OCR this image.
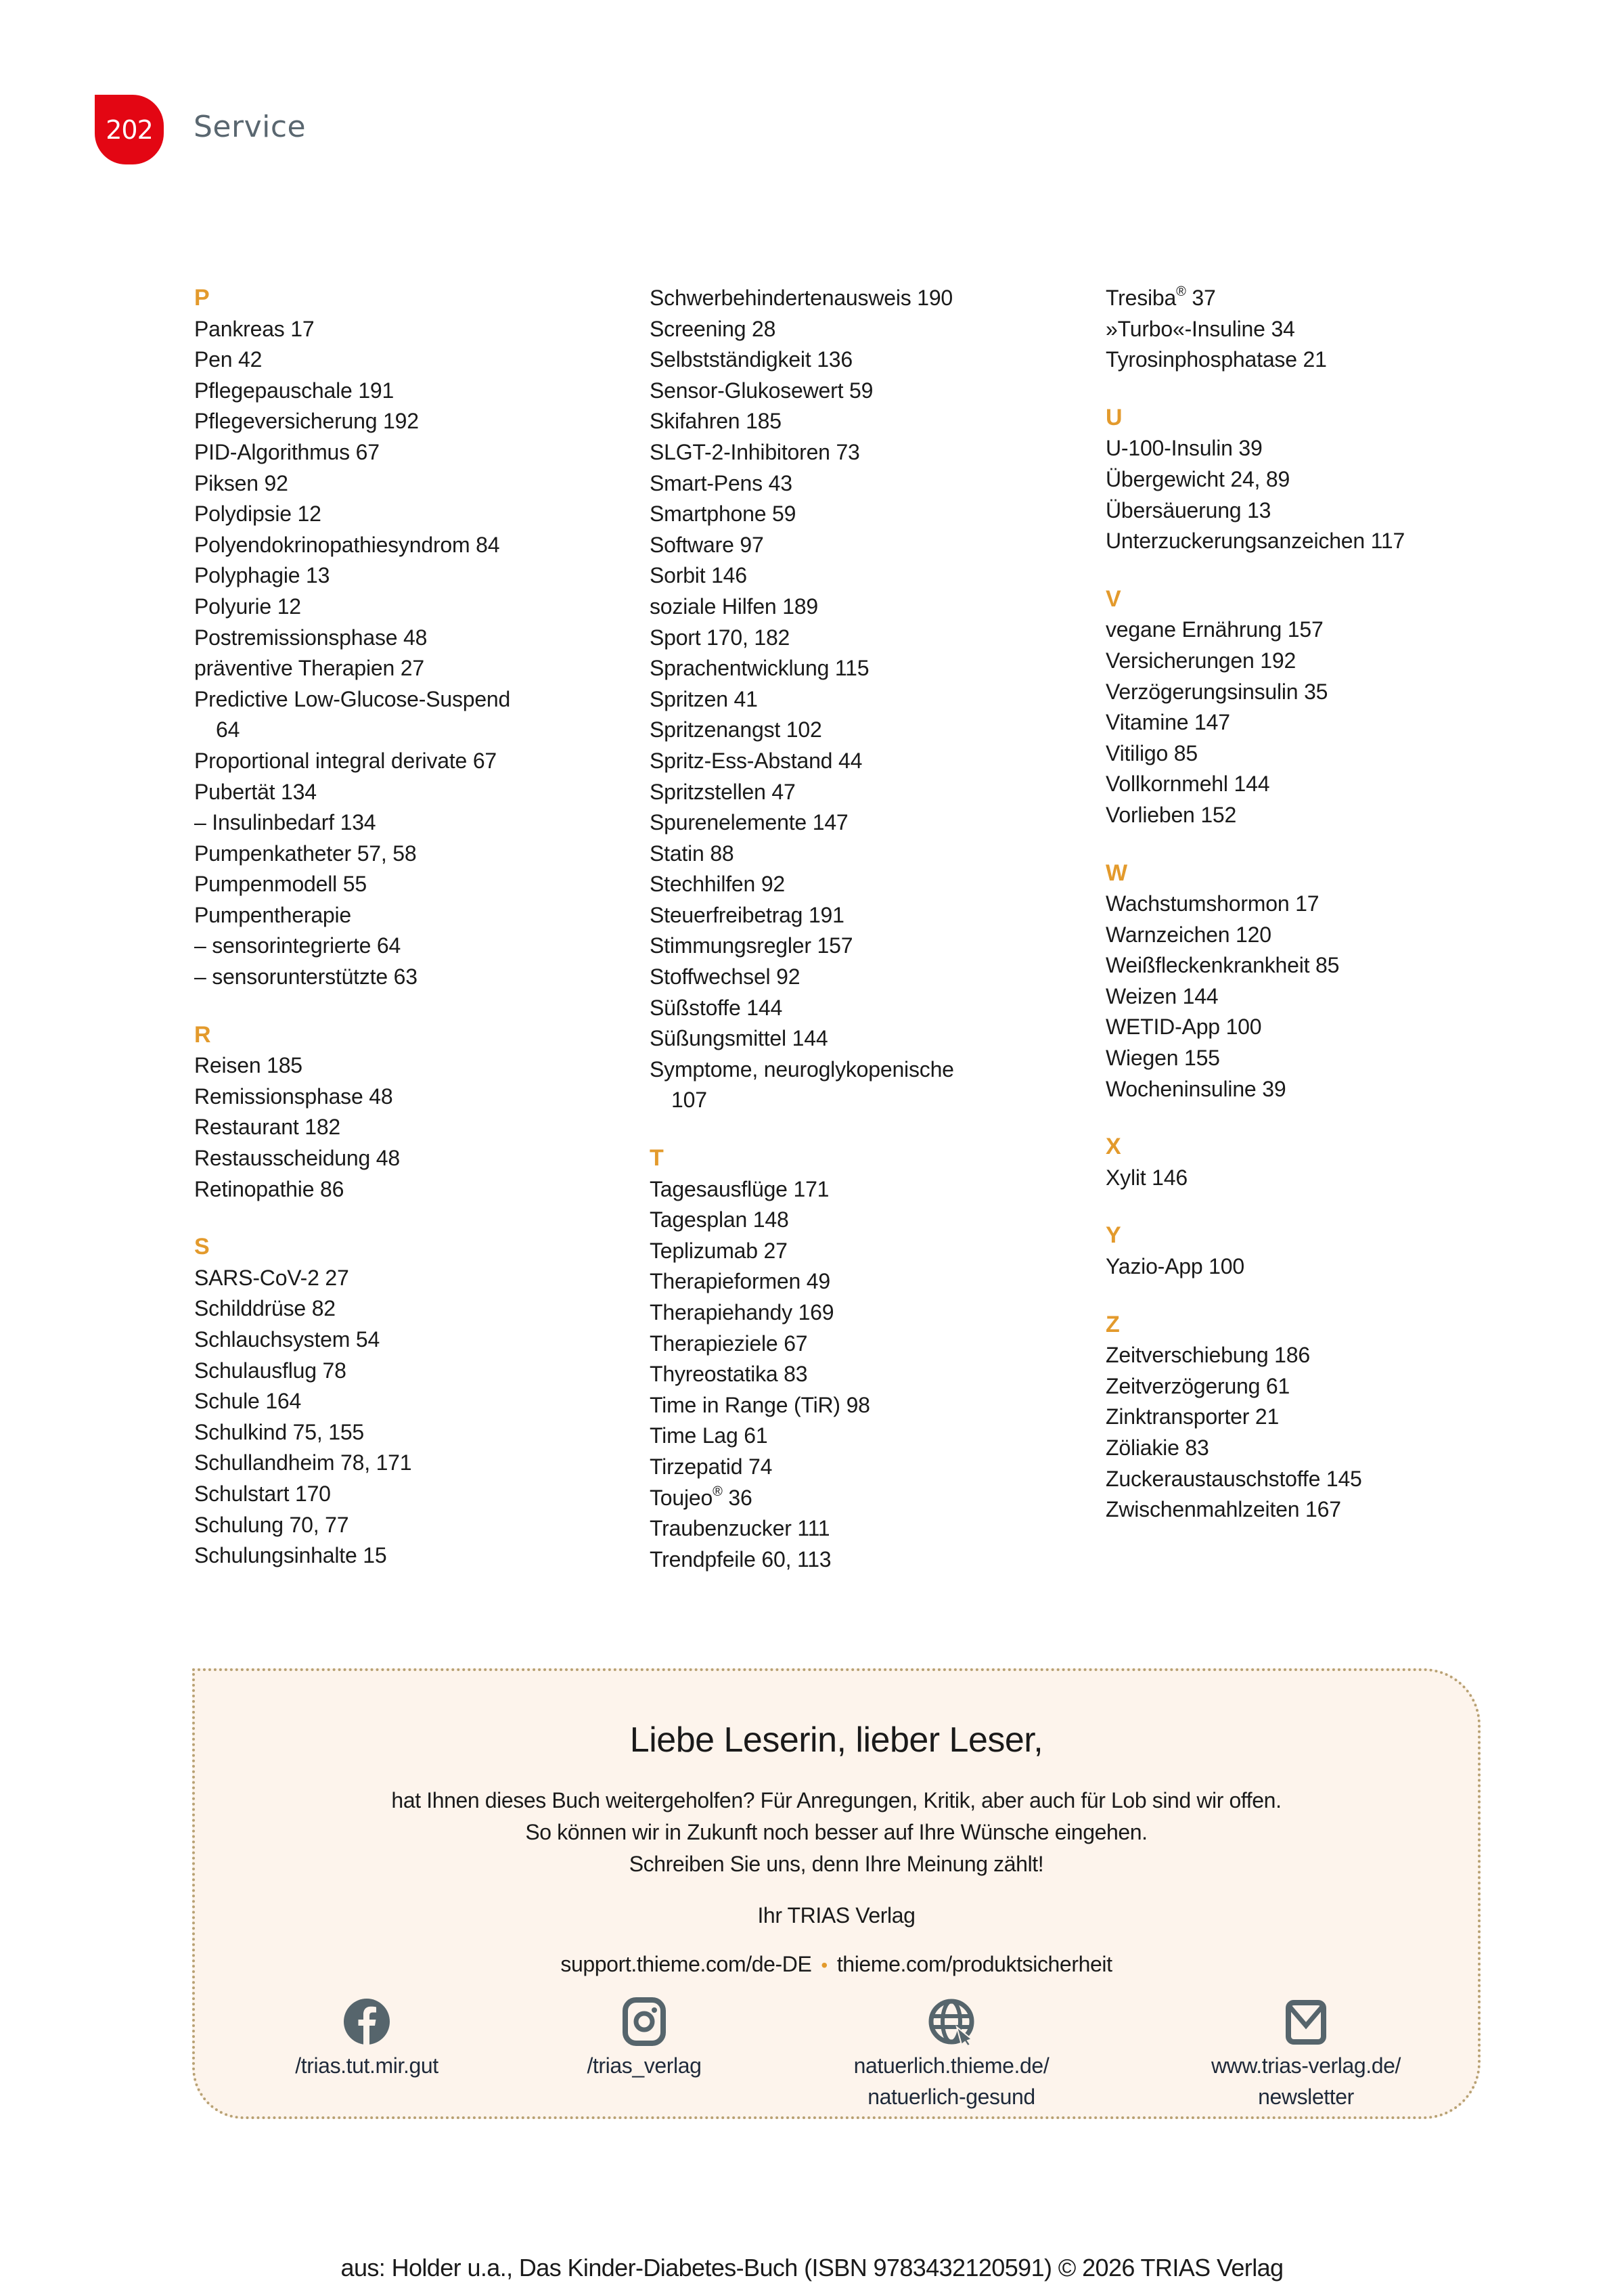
202 Service
P
Pankreas 17
Pen 42
Pflegepauschale 191
Pflegeversicherung 192
PID-Algorithmus 67
Piksen 92
Polydipsie 12
Polyendokrinopathiesyndrom 84
Polyphagie 13
Polyurie 12
Postremissionsphase 48
präventive Therapien 27
Predictive Low-Glucose-Suspend
64
Proportional integral derivate 67
Pubertät 134
– Insulinbedarf 134
Pumpenkatheter 57, 58
Pumpenmodell 55
Pumpentherapie
– sensorintegrierte 64
– sensorunterstützte 63
R
Reisen 185
Remissionsphase 48
Restaurant 182
Restausscheidung 48
Retinopathie 86
S
SARS-CoV-2 27
Schilddrüse 82
Schlauchsystem 54
Schulausflug 78
Schule 164
Schulkind 75, 155
Schullandheim 78, 171
Schulstart 170
Schulung 70, 77
Schulungsinhalte 15
Schwerbehindertenausweis 190
Screening 28
Selbstständigkeit 136
Sensor-Glukosewert 59
Skifahren 185
SLGT-2-Inhibitoren 73
Smart-Pens 43
Smartphone 59
Software 97
Sorbit 146
soziale Hilfen 189
Sport 170, 182
Sprachentwicklung 115
Spritzen 41
Spritzenangst 102
Spritz-Ess-Abstand 44
Spritzstellen 47
Spurenelemente 147
Statin 88
Stechhilfen 92
Steuerfreibetrag 191
Stimmungsregler 157
Stoffwechsel 92
Süßstoffe 144
Süßungsmittel 144
Symptome, neuroglykopenische
107
T
Tagesausflüge 171
Tagesplan 148
Teplizumab 27
Therapieformen 49
Therapiehandy 169
Therapieziele 67
Thyreostatika 83
Time in Range (TiR) 98
Time Lag 61
Tirzepatid 74
Toujeo® 36
Traubenzucker 111
Trendpfeile 60, 113
Tresiba® 37
»Turbo«-Insuline 34
Tyrosinphosphatase 21
U
U-100-Insulin 39
Übergewicht 24, 89
Übersäuerung 13
Unterzuckerungsanzeichen 117
V
vegane Ernährung 157
Versicherungen 192
Verzögerungsinsulin 35
Vitamine 147
Vitiligo 85
Vollkornmehl 144
Vorlieben 152
W
Wachstumshormon 17
Warnzeichen 120
Weißfleckenkrankheit 85
Weizen 144
WETID-App 100
Wiegen 155
Wocheninsuline 39
X
Xylit 146
Y
Yazio-App 100
Z
Zeitverschiebung 186
Zeitverzögerung 61
Zinktransporter 21
Zöliakie 83
Zuckeraustauschstoffe 145
Zwischenmahlzeiten 167
Liebe Leserin, lieber Leser,
hat Ihnen dieses Buch weitergeholfen? Für Anregungen, Kritik, aber auch für Lob sind wir offen.
So können wir in Zukunft noch besser auf Ihre Wünsche eingehen.
Schreiben Sie uns, denn Ihre Meinung zählt!
Ihr TRIAS Verlag
support.thieme.com/de-DE • thieme.com/produktsicherheit
/trias.tut.mir.gut	/trias_verlag	natuerlich.thieme.de/
natuerlich-gesund
www.trias-verlag.de/
newsletter
aus: Holder u.a., Das Kinder-Diabetes-Buch (ISBN 9783432120591) © 2026 TRIAS Verlag
